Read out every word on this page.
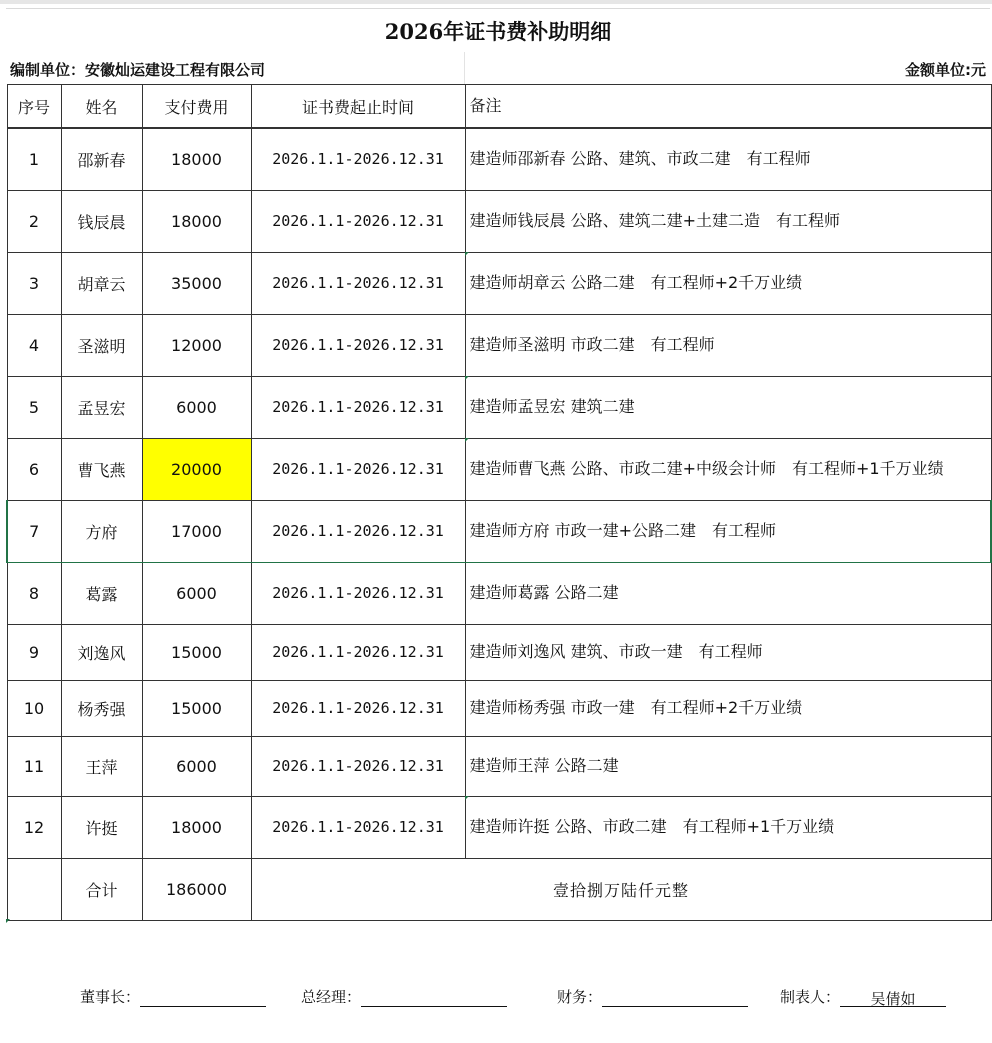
2026年证书费补助明细
编制单位：安徽灿运建设工程有限公司	金额单位:元
序号	姓名	支付费用	证书费起止时间	备注
1	邵新春	18000	2026.1.1-2026.12.31	建造师邵新春 公路、建筑、市政二建　有工程师
2	钱辰晨	18000	2026.1.1-2026.12.31	建造师钱辰晨 公路、建筑二建+土建二造　有工程师
3	胡章云	35000	2026.1.1-2026.12.31	建造师胡章云 公路二建　有工程师+2千万业绩
4	圣滋明	12000	2026.1.1-2026.12.31	建造师圣滋明 市政二建　有工程师
5	孟昱宏	6000	2026.1.1-2026.12.31	建造师孟昱宏 建筑二建
6	曹飞燕	20000	2026.1.1-2026.12.31	建造师曹飞燕 公路、市政二建+中级会计师　有工程师+1千万业绩
7	方府	17000	2026.1.1-2026.12.31	建造师方府 市政一建+公路二建　有工程师
8	葛露	6000	2026.1.1-2026.12.31	建造师葛露 公路二建
9	刘逸风	15000	2026.1.1-2026.12.31	建造师刘逸风 建筑、市政一建　有工程师
10	杨秀强	15000	2026.1.1-2026.12.31	建造师杨秀强 市政一建　有工程师+2千万业绩
11	王萍	6000	2026.1.1-2026.12.31	建造师王萍 公路二建
12	许挺	18000	2026.1.1-2026.12.31	建造师许挺 公路、市政二建　有工程师+1千万业绩
	合计	186000	壹拾捌万陆仟元整	
董事长：	总经理：	财务：	制表人： 吴倩如
